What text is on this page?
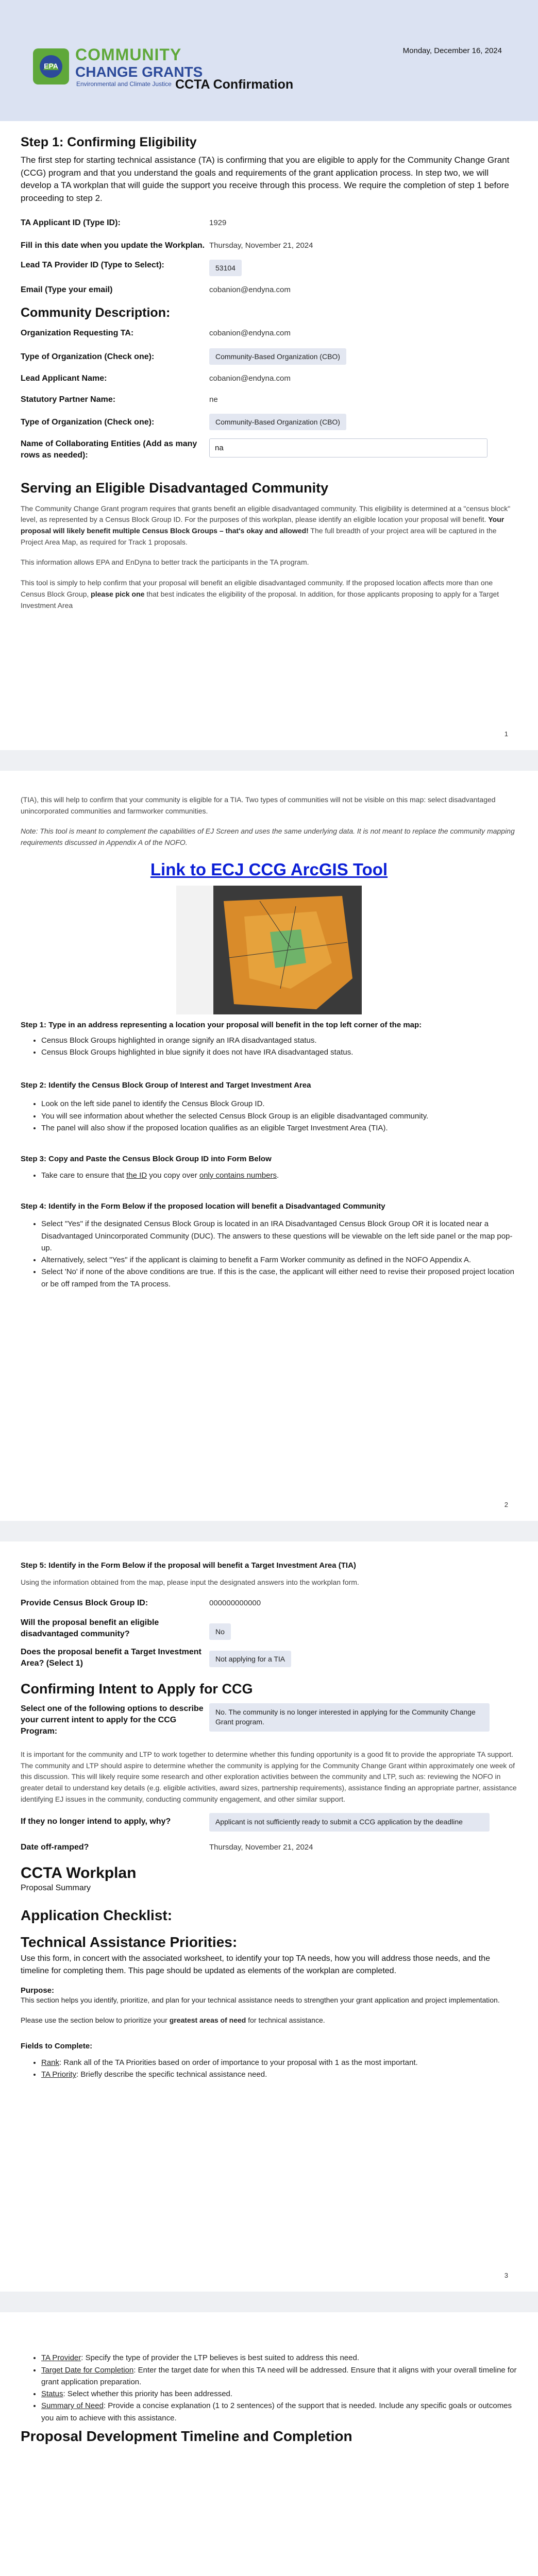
EPA
COMMUNITY
CHANGE GRANTS
Environmental and Climate Justice CCTA Confirmation
Monday, December 16, 2024
Step 1: Confirming Eligibility

The first step for starting technical assistance (TA) is confirming that you are eligible to apply for the Community Change Grant (CCG) program and that you understand the goals and requirements of the grant application process. In step two, we will develop a TA workplan that will guide the support you receive through this process. We require the completion of step 1 before proceeding to step 2.

TA Applicant ID (Type ID):	1929
Fill in this date when you update the Workplan. Thursday, November 21, 2024
Lead TA Provider ID (Type to Select):	53104
Email (Type your email)	cobanion@endyna.com
Community Description:
Organization Requesting TA:	cobanion@endyna.com
Type of Organization (Check one):	Community-Based Organization (CBO)
Lead Applicant Name:	cobanion@endyna.com
Statutory Partner Name:	ne
Type of Organization (Check one):	Community-Based Organization (CBO)
Name of Collaborating Entities (Add as many rows as needed):
na
Serving an Eligible Disadvantaged Community

The Community Change Grant program requires that grants benefit an eligible disadvantaged community. This eligibility is determined at a "census block" level, as represented by a Census Block Group ID. For the purposes of this workplan, please identify an eligible location your proposal will benefit. Your proposal will likely benefit multiple Census Block Groups – that's okay and allowed! The full breadth of your project area will be captured in the Project Area Map, as required for Track 1 proposals.

This information allows EPA and EnDyna to better track the participants in the TA program.

This tool is simply to help confirm that your proposal will benefit an eligible disadvantaged community. If the proposed location affects more than one Census Block Group, please pick one that best indicates the eligibility of the proposal. In addition, for those applicants proposing to apply for a Target Investment Area

1

(TIA), this will help to confirm that your community is eligible for a TIA. Two types of communities will not be visible on this map: select disadvantaged unincorporated communities and farmworker communities.

Note: This tool is meant to complement the capabilities of EJ Screen and uses the same underlying data. It is not meant to replace the community mapping requirements discussed in Appendix A of the NOFO.

Link to ECJ CCG ArcGIS Tool

Step 1: Type in an address representing a location your proposal will benefit in the top left corner of the map:

• Census Block Groups highlighted in orange signify an IRA disadvantaged status.
• Census Block Groups highlighted in blue signify it does not have IRA disadvantaged status.

Step 2: Identify the Census Block Group of Interest and Target Investment Area

• Look on the left side panel to identify the Census Block Group ID.
• You will see information about whether the selected Census Block Group is an eligible disadvantaged community.
• The panel will also show if the proposed location qualifies as an eligible Target Investment Area (TIA).

Step 3: Copy and Paste the Census Block Group ID into Form Below

• Take care to ensure that the ID you copy over only contains numbers.

Step 4: Identify in the Form Below if the proposed location will benefit a Disadvantaged Community

• Select "Yes" if the designated Census Block Group is located in an IRA Disadvantaged Census Block Group OR it is located near a Disadvantaged Unincorporated Community (DUC). The answers to these questions will be viewable on the left side panel or the map pop-up.
• Alternatively, select "Yes" if the applicant is claiming to benefit a Farm Worker community as defined in the NOFO Appendix A.
• Select 'No' if none of the above conditions are true. If this is the case, the applicant will either need to revise their proposed project location or be off ramped from the TA process.
2

Step 5: Identify in the Form Below if the proposal will benefit a Target Investment Area (TIA)

Using the information obtained from the map, please input the designated answers into the workplan form.

Provide Census Block Group ID:	000000000000
Will the proposal benefit an eligible disadvantaged community?	No
Does the proposal benefit a Target Investment Area? (Select 1)
Not applying for a TIA
Confirming Intent to Apply for CCG
Select one of the following options to describe your current intent to apply for the CCG Program:
No. The community is no longer interested in applying for the Community Change Grant program.

It is important for the community and LTP to work together to determine whether this funding opportunity is a good fit to provide the appropriate TA support. The community and LTP should aspire to determine whether the community is applying for the Community Change Grant within approximately one week of this discussion. This will likely require some research and other exploration activities between the community and LTP, such as: reviewing the NOFO in greater detail to understand key details (e.g. eligible activities, award sizes, partnership requirements), assistance finding an appropriate partner, assistance identifying EJ issues in the community, conducting community engagement, and other similar support.

If they no longer intend to apply, why?	Applicant is not sufficiently ready to submit a CCG application by the deadline
Date off-ramped?	Thursday, November 21, 2024
CCTA Workplan

Proposal Summary

Application Checklist:
Technical Assistance Priorities:

Use this form, in concert with the associated worksheet, to identify your top TA needs, how you will address those needs, and the timeline for completing them. This page should be updated as elements of the workplan are completed.

Purpose:

This section helps you identify, prioritize, and plan for your technical assistance needs to strengthen your grant application and project implementation.

Please use the section below to prioritize your greatest areas of need for technical assistance.

Fields to Complete:

• Rank: Rank all of the TA Priorities based on order of importance to your proposal with 1 as the most important.
• TA Priority: Briefly describe the specific technical assistance need.
3

• TA Provider: Specify the type of provider the LTP believes is best suited to address this need.
• Target Date for Completion: Enter the target date for when this TA need will be addressed. Ensure that it aligns with your overall timeline for grant application preparation.
• Status: Select whether this priority has been addressed.
• Summary of Need: Provide a concise explanation (1 to 2 sentences) of the support that is needed. Include any specific goals or outcomes you aim to achieve with this assistance.
Proposal Development Timeline and Completion
